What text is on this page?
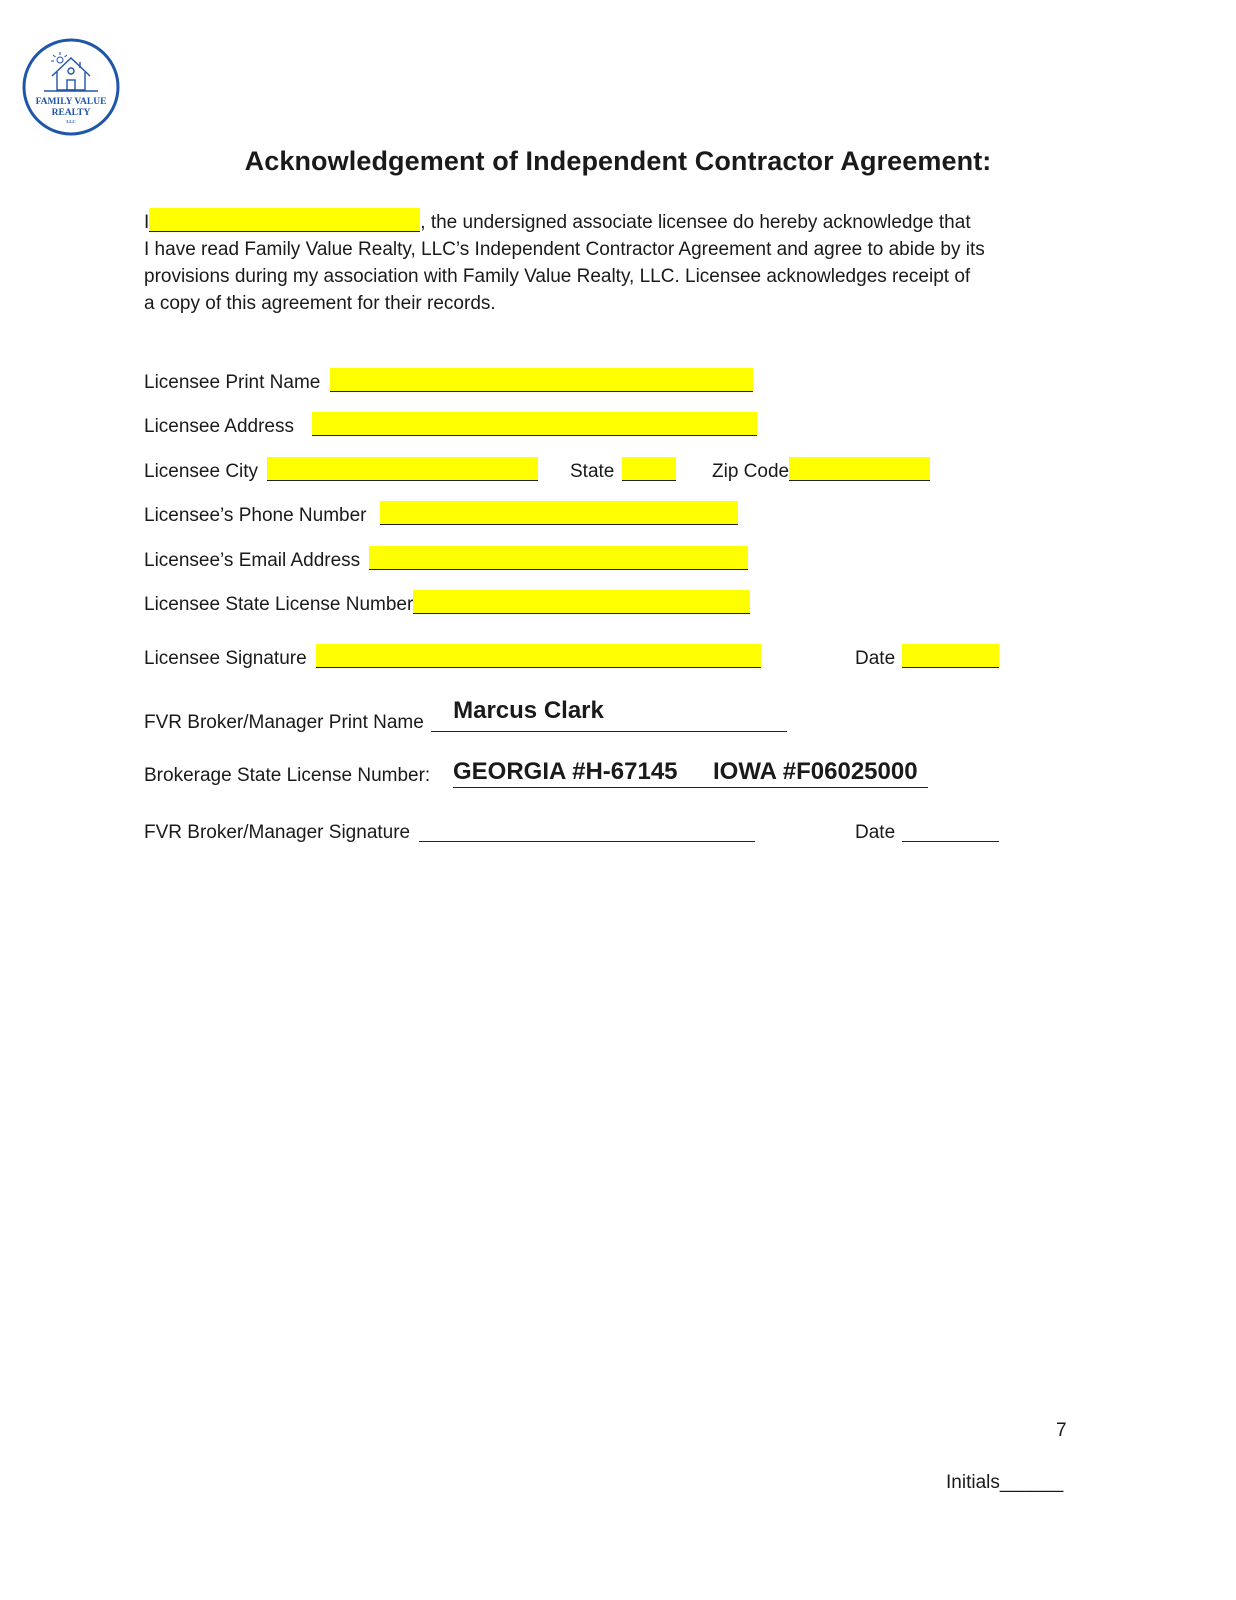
FAMILY VALUE
REALTY
LLC
Acknowledgement of Independent Contractor Agreement:

I	, the undersigned associate licensee do hereby acknowledge that
I have read Family Value Realty, LLC’s Independent Contractor Agreement and agree to abide by its
provisions during my association with Family Value Realty, LLC. Licensee acknowledges receipt of
a copy of this agreement for their records.

Licensee Print Name
Licensee Address
Licensee City	State	Zip Code
Licensee’s Phone Number
Licensee’s Email Address
Licensee State License Number
Licensee Signature	Date
FVR Broker/Manager Print Name Marcus Clark
Brokerage State License Number: GEORGIA #H-67145 IOWA #F06025000
FVR Broker/Manager Signature	Date
7
Initials______
